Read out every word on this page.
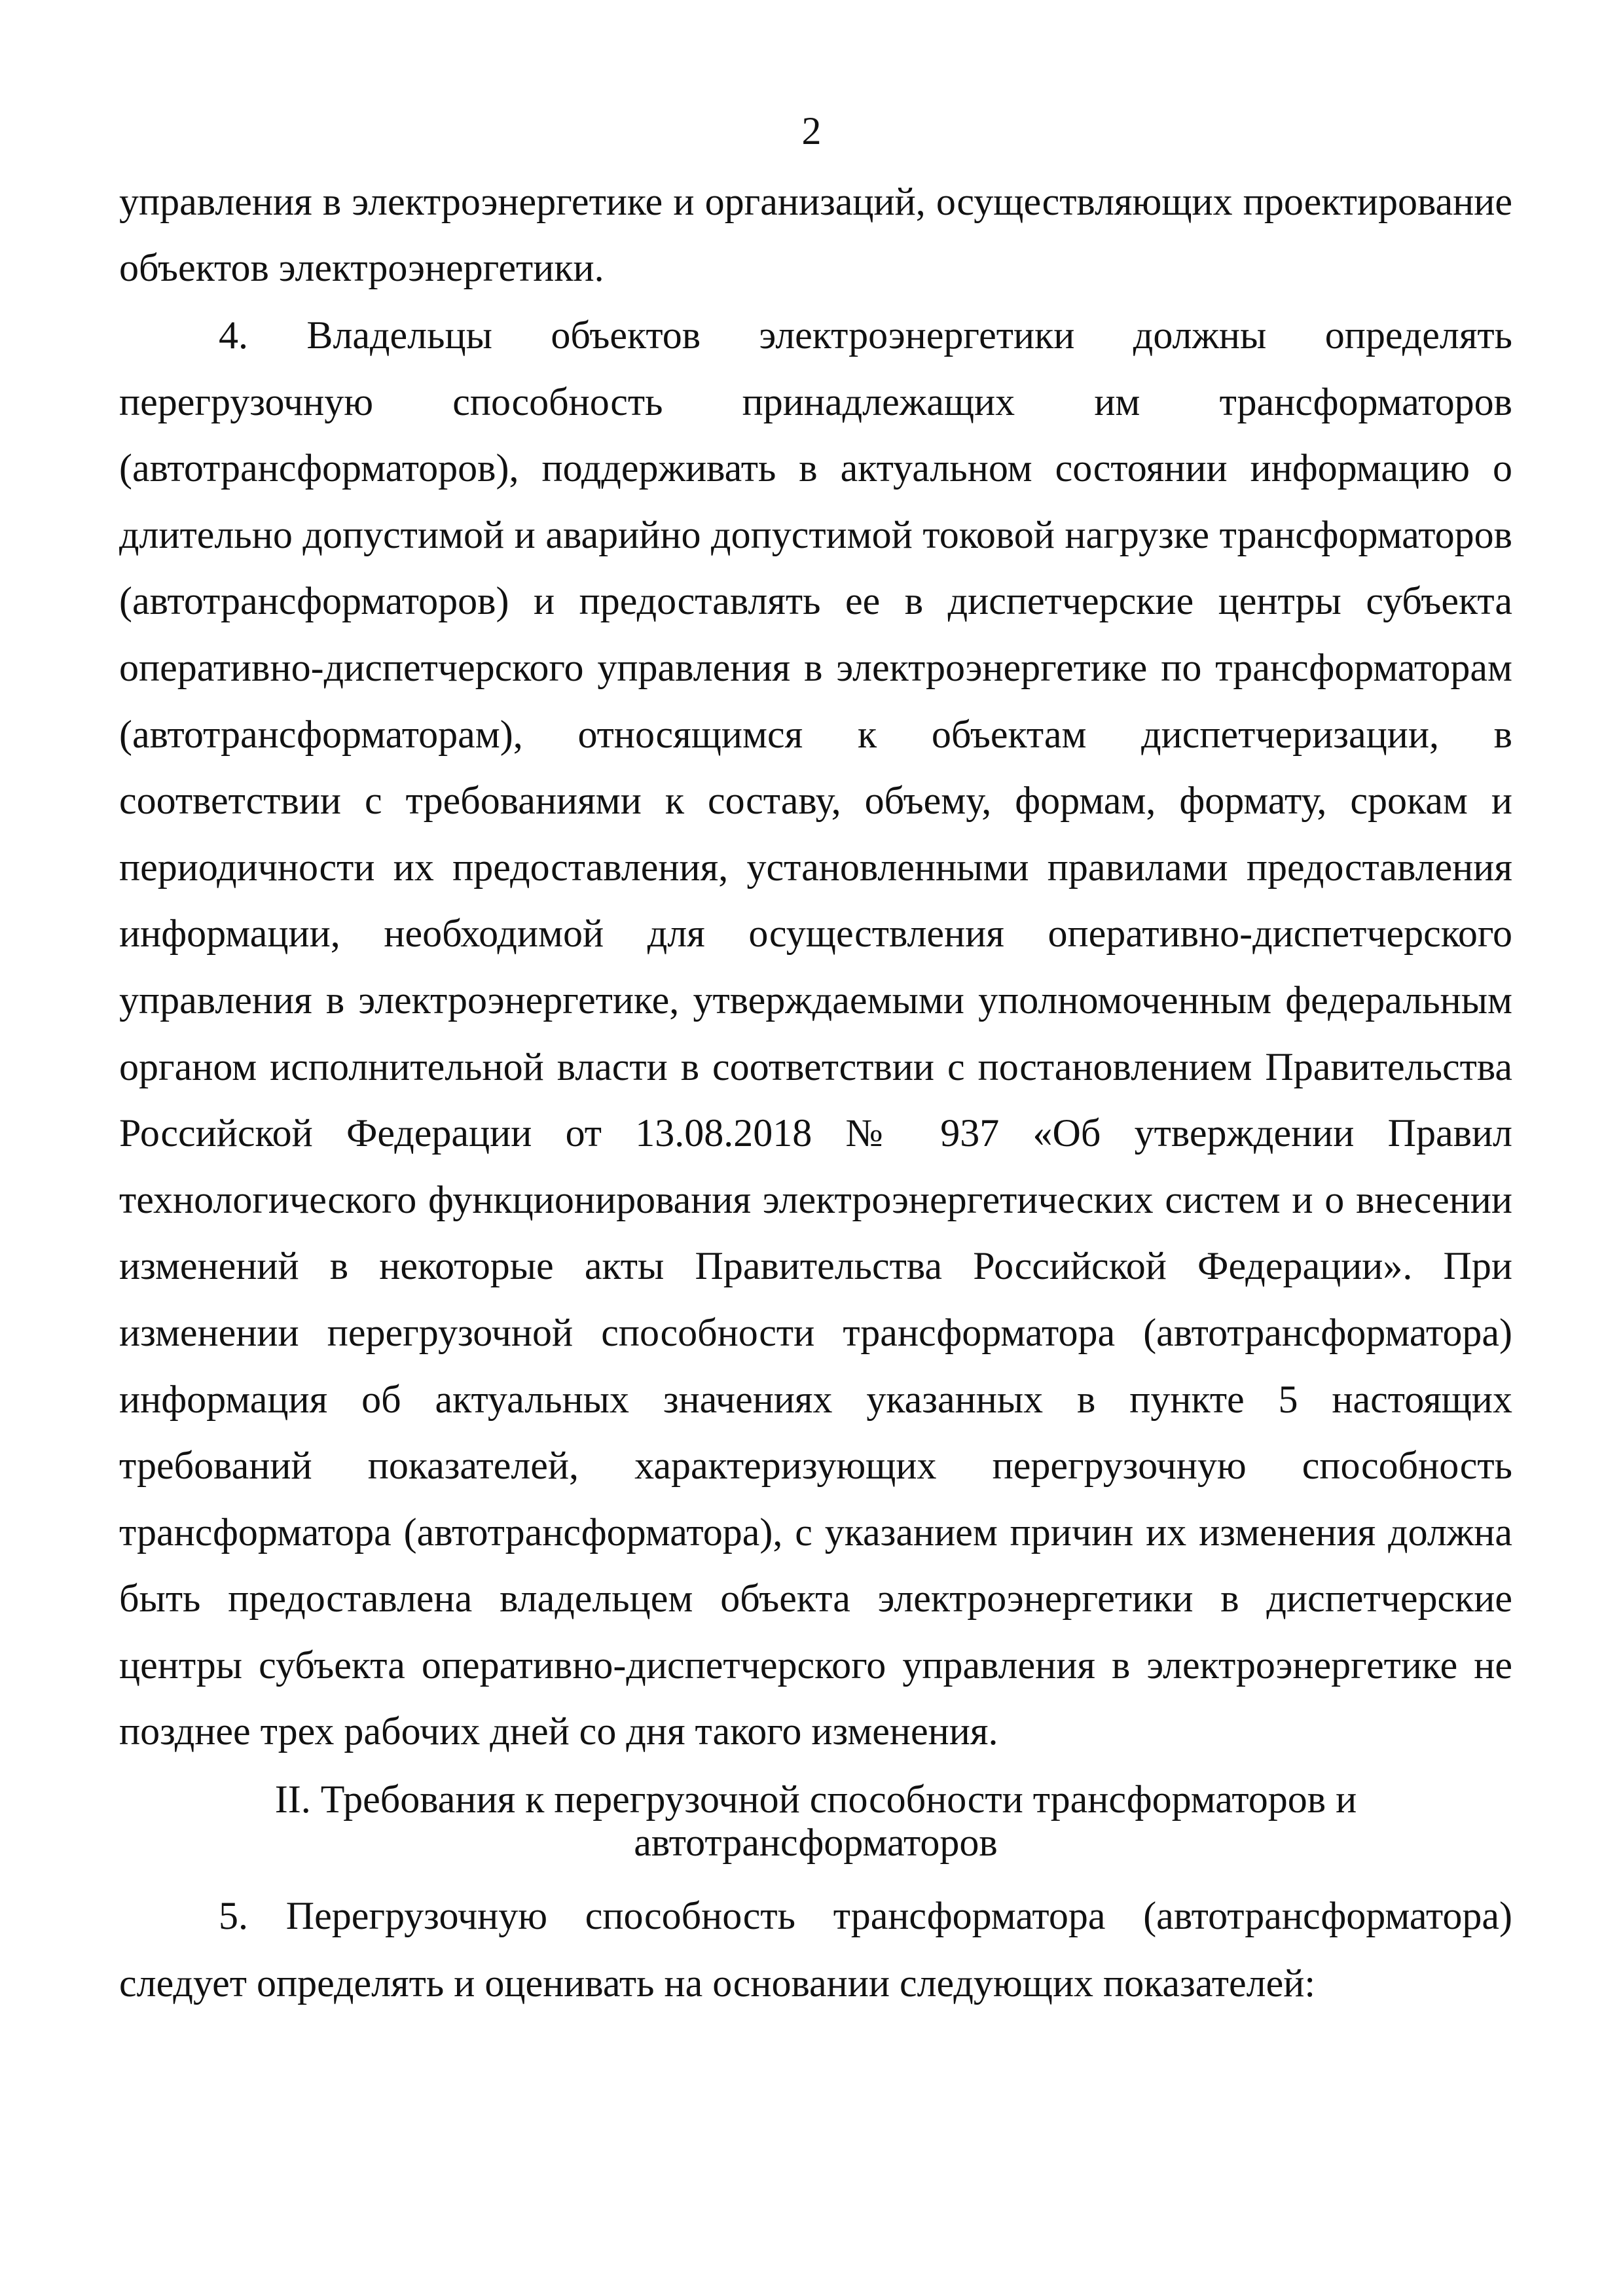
2

управления в электроэнергетике и организаций, осуществляющих проектирование объектов электроэнергетики.

4. Владельцы объектов электроэнергетики должны определять перегрузочную способность принадлежащих им трансформаторов (автотрансформаторов), поддерживать в актуальном состоянии информацию о длительно допустимой и аварийно допустимой токовой нагрузке трансформаторов (автотрансформаторов) и предоставлять ее в диспетчерские центры субъекта оперативно-диспетчерского управления в электроэнергетике по трансформаторам (автотрансформаторам), относящимся к объектам диспетчеризации, в соответствии с требованиями к составу, объему, формам, формату, срокам и периодичности их предоставления, установленными правилами предоставления информации, необходимой для осуществления оперативно-диспетчерского управления в электроэнергетике, утверждаемыми уполномоченным федеральным органом исполнительной власти в соответствии с постановлением Правительства Российской Федерации от 13.08.2018 № 937 «Об утверждении Правил технологического функционирования электроэнергетических систем и о внесении изменений в некоторые акты Правительства Российской Федерации». При изменении перегрузочной способности трансформатора (автотрансформатора) информация об актуальных значениях указанных в пункте 5 настоящих требований показателей, характеризующих перегрузочную способность трансформатора (автотрансформатора), с указанием причин их изменения должна быть предоставлена владельцем объекта электроэнергетики в диспетчерские центры субъекта оперативно-диспетчерского управления в электроэнергетике не позднее трех рабочих дней со дня такого изменения.

II. Требования к перегрузочной способности трансформаторов и
автотрансформаторов

5. Перегрузочную способность трансформатора (автотрансформатора) следует определять и оценивать на основании следующих показателей:
